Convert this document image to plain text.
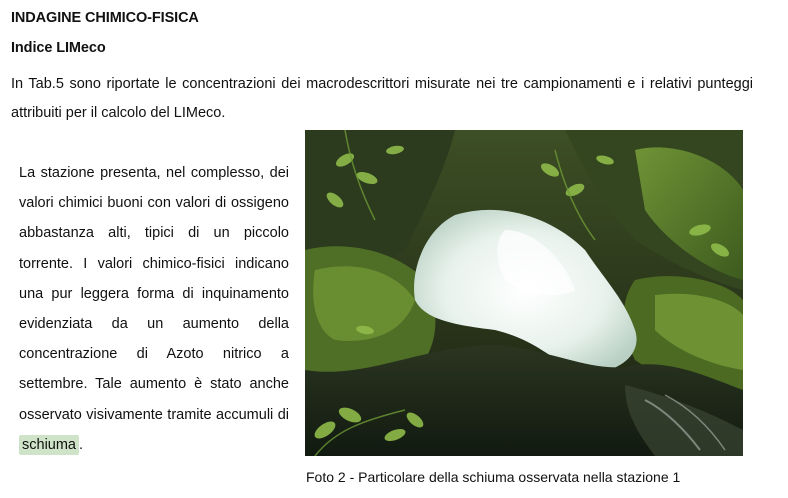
INDAGINE CHIMICO-FISICA
Indice LIMeco
In Tab.5 sono riportate le concentrazioni dei macrodescrittori misurate nei tre campionamenti e i relativi punteggi attribuiti per il calcolo del LIMeco.
La stazione presenta, nel complesso, dei valori chimici buoni con valori di ossigeno abbastanza alti, tipici di un piccolo torrente. I valori chimico-fisici indicano una pur leggera forma di inquinamento evidenziata da un aumento della concentrazione di Azoto nitrico a settembre. Tale aumento è stato anche osservato visivamente tramite accumuli di schiuma .
Foto 2 - Particolare della schiuma osservata nella stazione 1
